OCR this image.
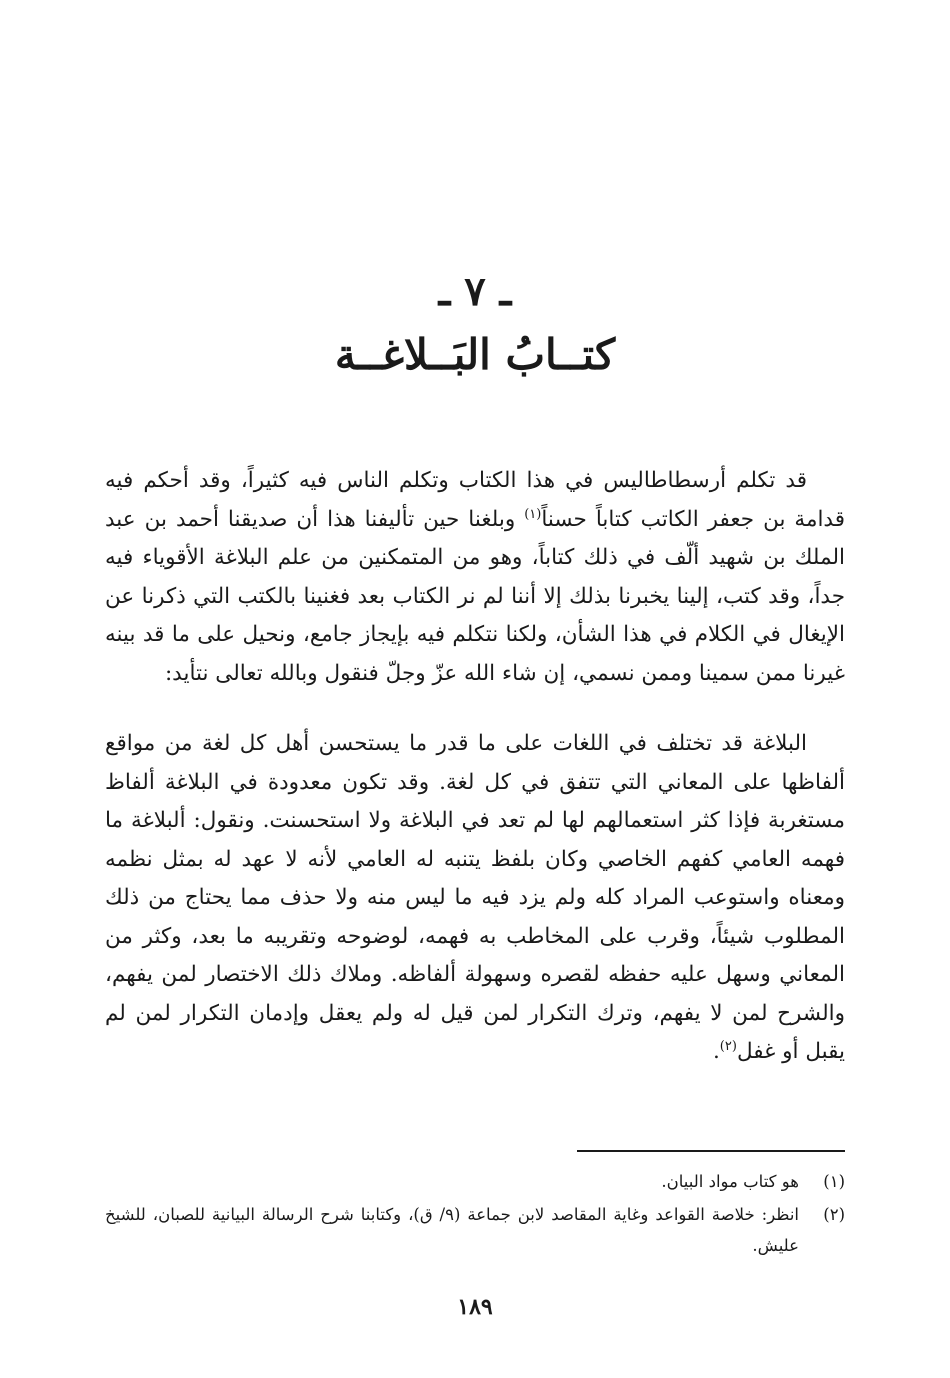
ـ ٧ ـ
كتــابُ البَــلاغــة

قد تكلم أرسطاطاليس في هذا الكتاب وتكلم الناس فيه كثيراً، وقد أحكم فيه قدامة بن جعفر الكاتب كتاباً حسناً$^{(١)}$ وبلغنا حين تأليفنا هذا أن صديقنا أحمد بن عبد الملك بن شهيد ألّف في ذلك كتاباً، وهو من المتمكنين من علم البلاغة الأقوياء فيه جداً، وقد كتب، إلينا يخبرنا بذلك إلا أننا لم نر الكتاب بعد فغنينا بالكتب التي ذكرنا عن الإيغال في الكلام في هذا الشأن، ولكنا نتكلم فيه بإيجاز جامع، ونحيل على ما قد بينه غيرنا ممن سمينا وممن نسمي، إن شاء الله عزّ وجلّ فنقول وبالله تعالى نتأيد:

البلاغة قد تختلف في اللغات على ما قدر ما يستحسن أهل كل لغة من مواقع ألفاظها على المعاني التي تتفق في كل لغة. وقد تكون معدودة في البلاغة ألفاظ مستغربة فإذا كثر استعمالهم لها لم تعد في البلاغة ولا استحسنت. ونقول: ألبلاغة ما فهمه العامي كفهم الخاصي وكان بلفظ يتنبه له العامي لأنه لا عهد له بمثل نظمه ومعناه واستوعب المراد كله ولم يزد فيه ما ليس منه ولا حذف مما يحتاج من ذلك المطلوب شيئاً، وقرب على المخاطب به فهمه، لوضوحه وتقريبه ما بعد، وكثر من المعاني وسهل عليه حفظه لقصره وسهولة ألفاظه. وملاك ذلك الاختصار لمن يفهم، والشرح لمن لا يفهم، وترك التكرار لمن قيل له ولم يعقل وإدمان التكرار لمن لم يقبل أو غفل$^{(٢)}$.

(١)هو كتاب مواد البيان.

(٢)انظر: خلاصة القواعد وغاية المقاصد لابن جماعة (٩/ ق)، وكتابنا شرح الرسالة البيانية للصبان، للشيخ عليش.

١٨٩
